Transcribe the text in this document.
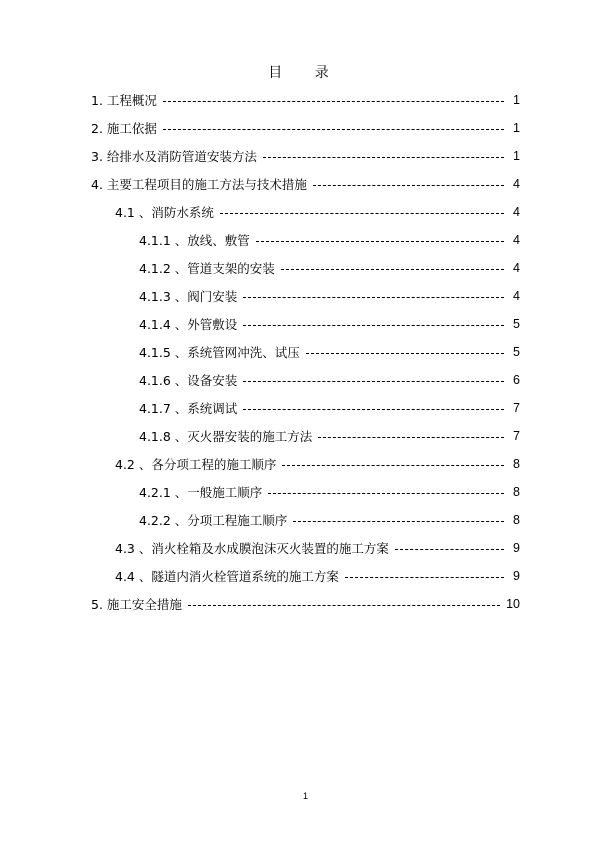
目 录
1. 工程概况	1
2. 施工依据	1
3. 给排水及消防管道安装方法	1
4. 主要工程项目的施工方法与技术措施	4
4.1 、消防水系统	4
4.1.1 、放线、敷管	4
4.1.2 、管道支架的安装	4
4.1.3 、阀门安装	4
4.1.4 、外管敷设	5
4.1.5 、系统管网冲洗、试压	5
4.1.6 、设备安装	6
4.1.7 、系统调试	7
4.1.8 、灭火器安装的施工方法	7
4.2 、各分项工程的施工顺序	8
4.2.1 、一般施工顺序	8
4.2.2 、分项工程施工顺序	8
4.3 、消火栓箱及水成膜泡沫灭火装置的施工方案	9
4.4 、隧道内消火栓管道系统的施工方案	9
5. 施工安全措施	10
1
